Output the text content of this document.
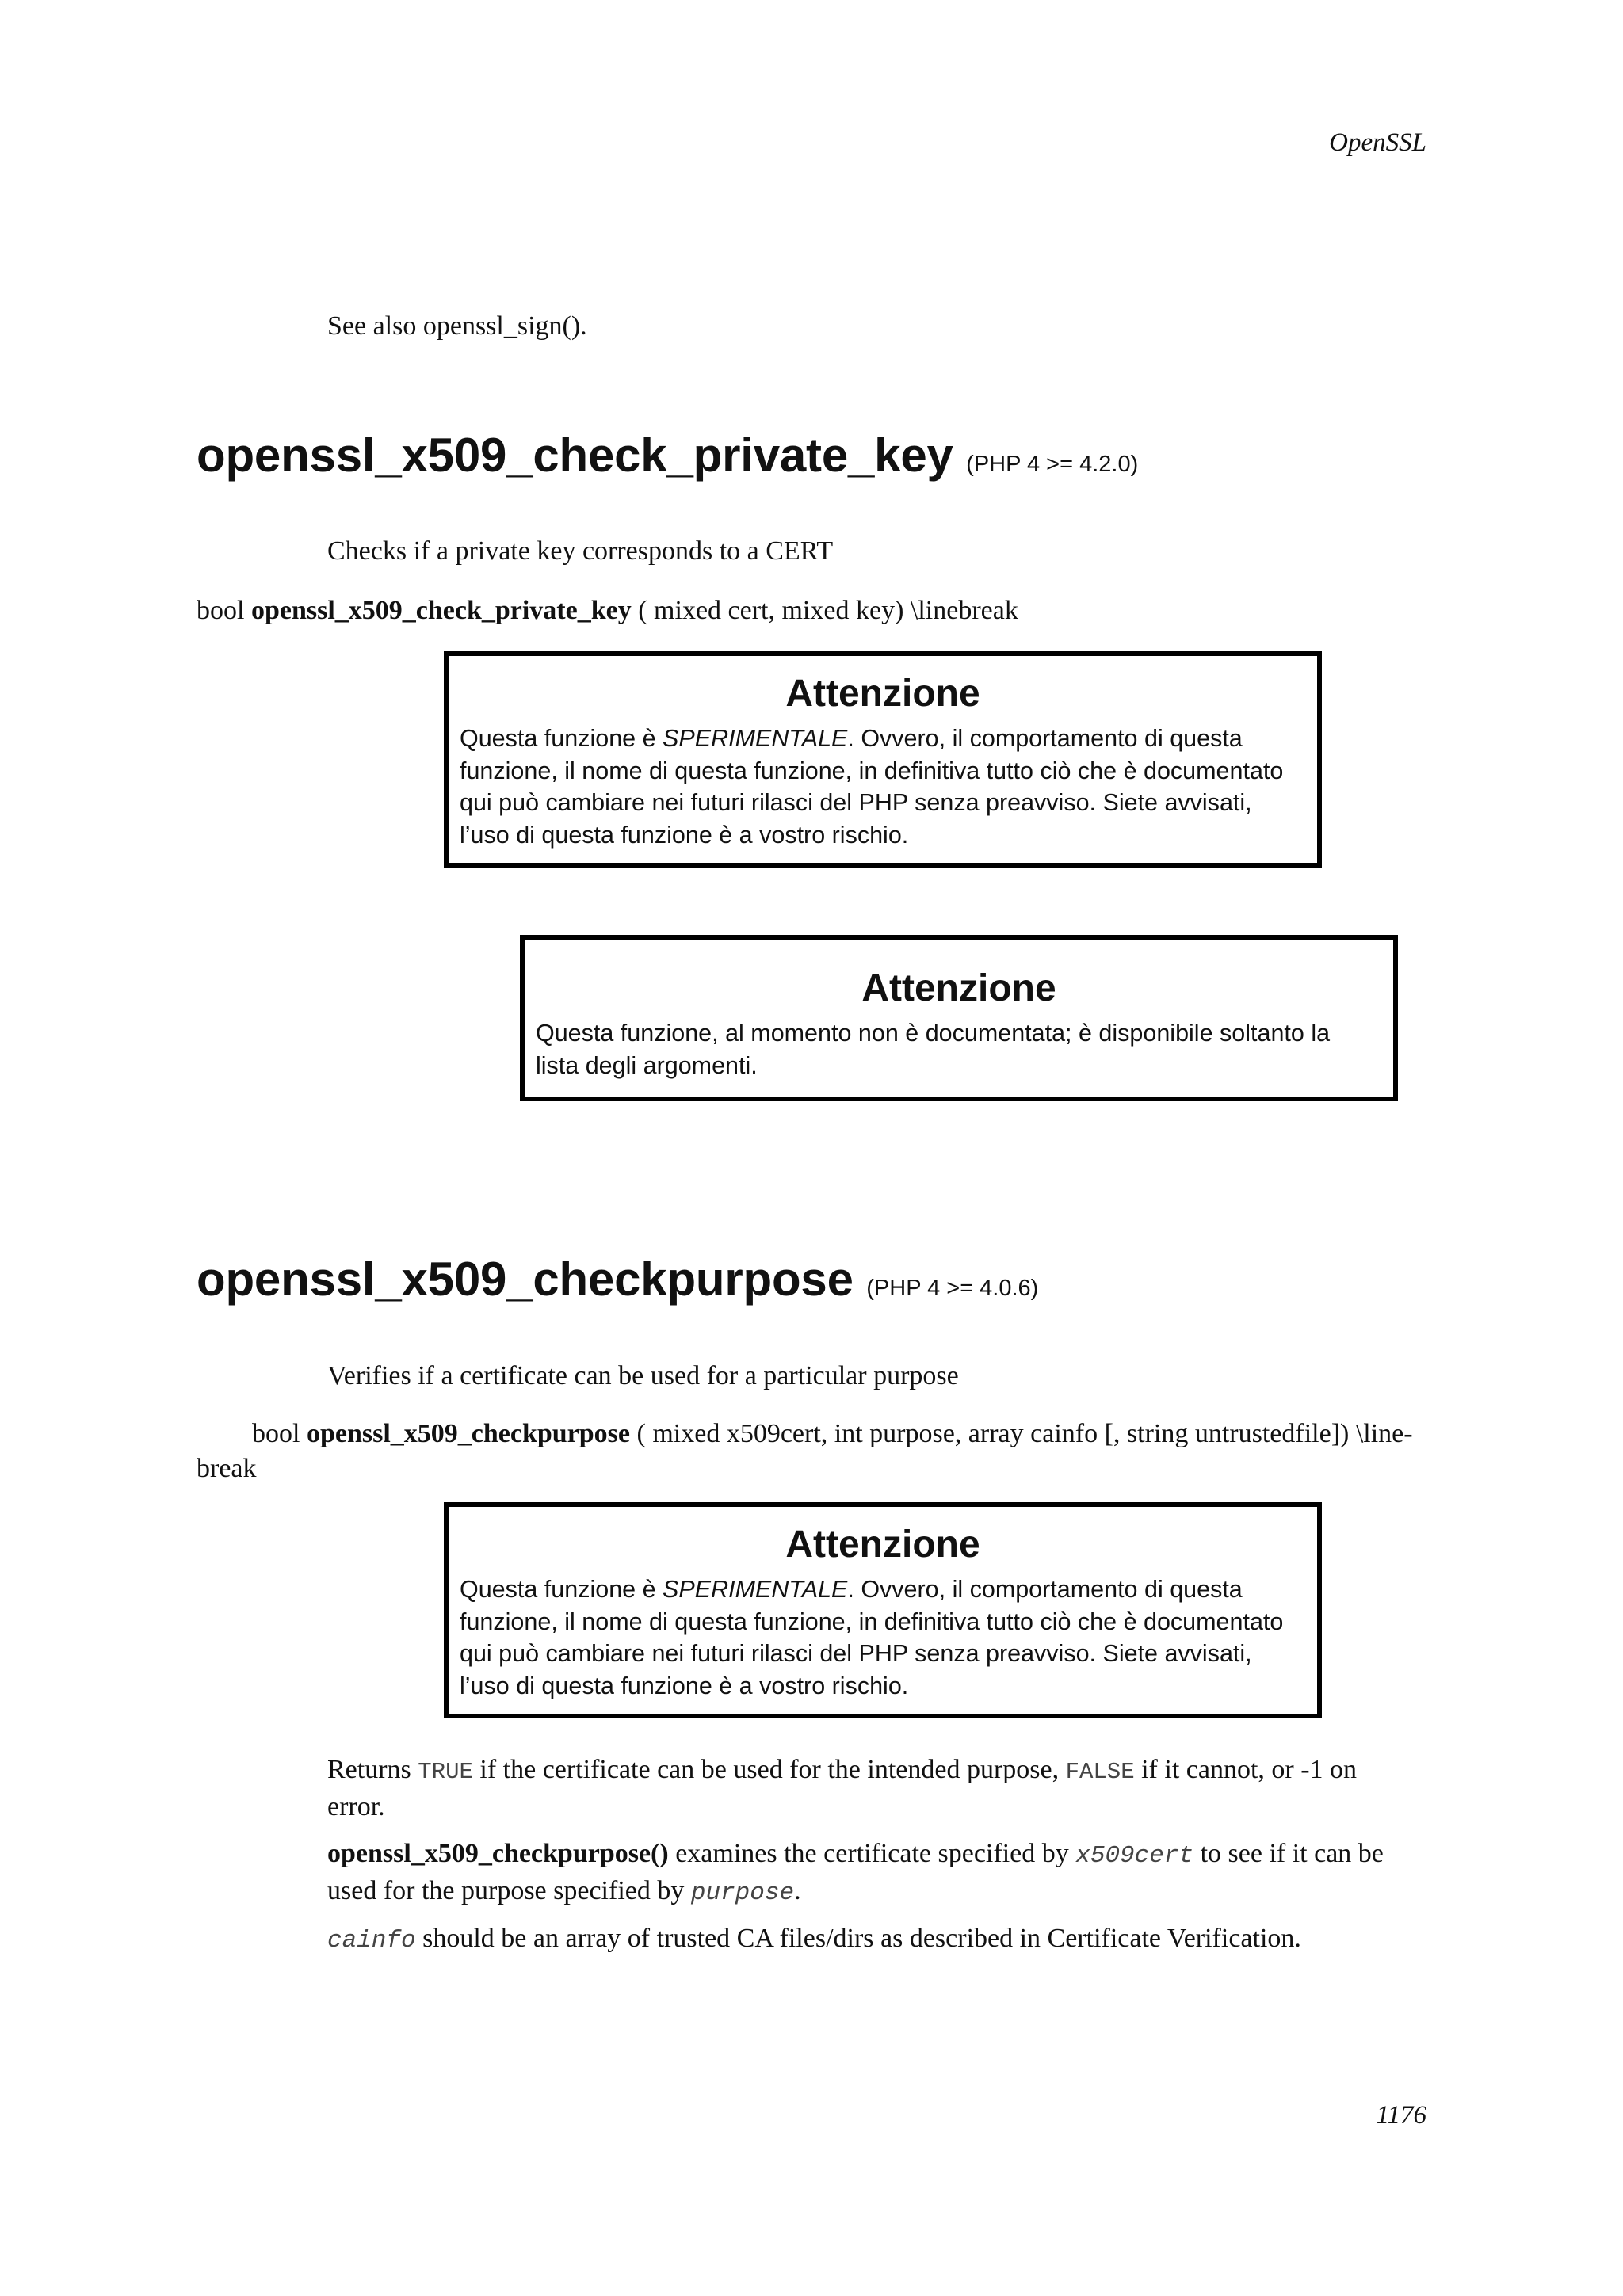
OpenSSL
See also openssl_sign().
openssl_x509_check_private_key (PHP 4 >= 4.2.0)
Checks if a private key corresponds to a CERT
bool openssl_x509_check_private_key ( mixed cert, mixed key) \linebreak
Attenzione
Questa funzione è SPERIMENTALE. Ovvero, il comportamento di questa
funzione, il nome di questa funzione, in definitiva tutto ciò che è documentato
qui può cambiare nei futuri rilasci del PHP senza preavviso. Siete avvisati,
l’uso di questa funzione è a vostro rischio.
Attenzione
Questa funzione, al momento non è documentata; è disponibile soltanto la
lista degli argomenti.
openssl_x509_checkpurpose (PHP 4 >= 4.0.6)
Verifies if a certificate can be used for a particular purpose
bool openssl_x509_checkpurpose ( mixed x509cert, int purpose, array cainfo [, string untrustedfile]) \line-
break
Attenzione
Questa funzione è SPERIMENTALE. Ovvero, il comportamento di questa
funzione, il nome di questa funzione, in definitiva tutto ciò che è documentato
qui può cambiare nei futuri rilasci del PHP senza preavviso. Siete avvisati,
l’uso di questa funzione è a vostro rischio.
Returns TRUE if the certificate can be used for the intended purpose, FALSE if it cannot, or -1 on
error.
openssl_x509_checkpurpose() examines the certificate specified by x509cert to see if it can be
used for the purpose specified by purpose.
cainfo should be an array of trusted CA files/dirs as described in Certificate Verification.
1176
